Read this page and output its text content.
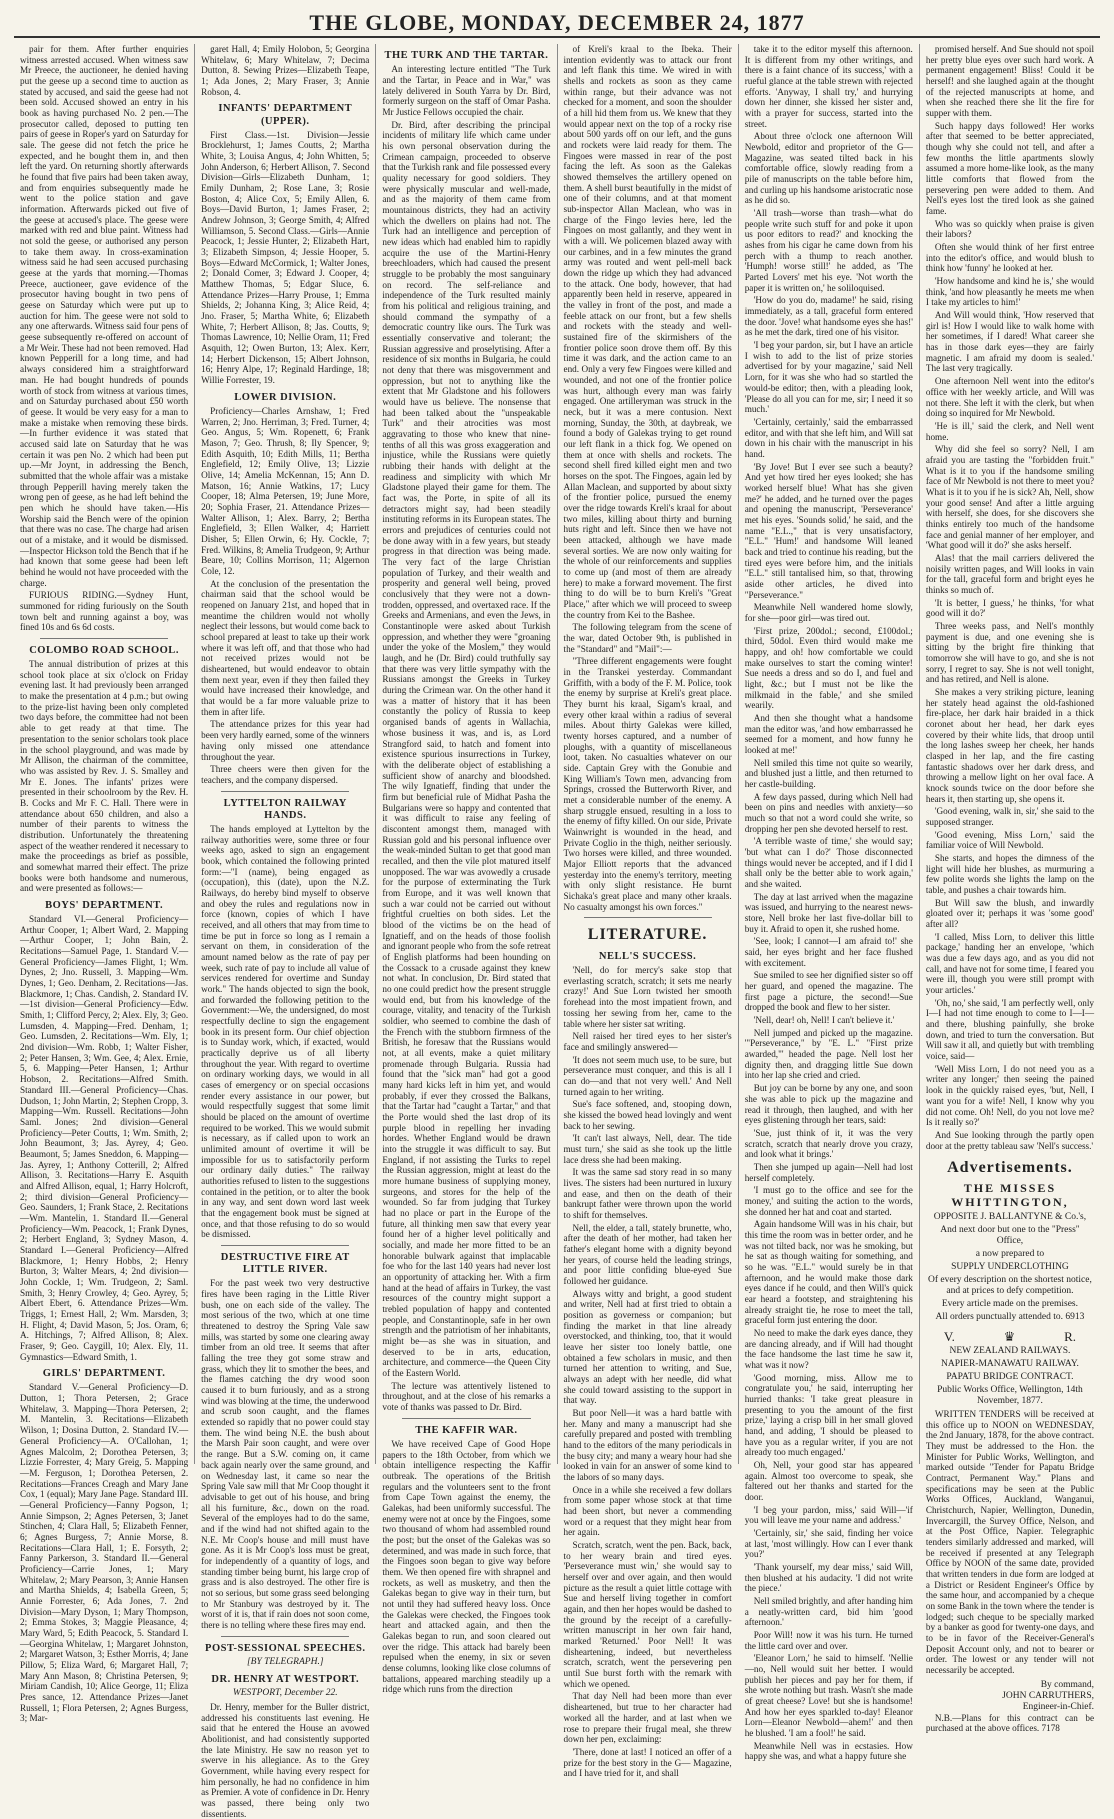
THE GLOBE, MONDAY, DECEMBER 24, 1877

pair for them. After further enquiries witness arrested accused. When witness saw Mr Preece, the auctioneer, he denied having put the geese up a second time to auction as stated by accused, and said the geese had not been sold. Accused showed an entry in his book as having purchased No. 2 pen.—The prosecutor called, deposed to putting ten pairs of geese in Roper's yard on Saturday for sale. The geese did not fetch the price he expected, and he bought them in, and then left the yard. On returning shortly afterwards he found that five pairs had been taken away, and from enquiries subsequently made he went to the police station and gave information. Afterwards picked out five of the geese at accused's place. The geese were marked with red and blue paint. Witness had not sold the geese, or authorised any person to take them away. In cross-examination witness said he had seen accused purchasing geese at the yards that morning.—Thomas Preece, auctioneer, gave evidence of the prosecutor having bought in two pens of geese on Saturday which were put up to auction for him. The geese were not sold to any one afterwards. Witness said four pens of geese subsequently re-offered on account of a Mr Weir. These had not been removed. Had known Pepperill for a long time, and had always considered him a straightforward man. He had bought hundreds of pounds worth of stock from witness at various times, and on Saturday purchased about £50 worth of geese. It would be very easy for a man to make a mistake when removing these birds.—In further evidence it was stated that accused said late on Saturday that he was certain it was pen No. 2 which had been put up.—Mr Joynt, in addressing the Bench, submitted that the whole affair was a mistake through Pepperill having merely taken the wrong pen of geese, as he had left behind the pen which he should have taken.—His Worship said the Bench were of the opinion that there was no case. The charge had arisen out of a mistake, and it would be dismissed.—Inspector Hickson told the Bench that if he had known that some geese had been left behind he would not have proceeded with the charge.

FURIOUS RIDING.—Sydney Hunt, summoned for riding furiously on the South town belt and running against a boy, was fined 10s and 6s 6d costs.

COLOMBO ROAD SCHOOL.

The annual distribution of prizes at this school took place at six o'clock on Friday evening last. It had previously been arranged to make the presentation at 4 p.m.; but owing to the prize-list having been only completed two days before, the committee had not been able to get ready at that time. The presentation to the senior scholars took place in the school playground, and was made by Mr Allison, the chairman of the committee, who was assisted by Rev. J. S. Smalley and Mr E. Jones. The infants' prizes were presented in their schoolroom by the Rev. H. B. Cocks and Mr F. C. Hall. There were in attendance about 650 children, and also a number of their parents to witness the distribution. Unfortunately the threatening aspect of the weather rendered it necessary to make the proceedings as brief as possible, and somewhat marred their effect. The prize books were both handsome and numerous, and were presented as follows:—

BOYS' DEPARTMENT.

Standard VI.—General Proficiency—Arthur Cooper, 1; Albert Ward, 2. Mapping—Arthur Cooper, 1; John Bain, 2. Recitations—Samuel Page, 1. Standard V.—General Proficiency—James Flight, 1; Wm. Dynes, 2; Jno. Russell, 3. Mapping—Wm. Dynes, 1; Geo. Denham, 2. Recitations—Jas. Blackmore, 1; Chas. Candish, 2. Standard IV.—1st division—General Proficiency—Edw. Smith, 1; Clifford Percy, 2; Alex. Ely, 3; Geo. Lumsden, 4. Mapping—Fred. Denham, 1; Geo. Lumsden, 2. Recitations—Wm. Ely, 1; 2nd division—Wm. Robb, 1; Walter Fisher, 2; Peter Hansen, 3; Wm. Gee, 4; Alex. Ernie, 5, 6. Mapping—Peter Hansen, 1; Arthur Hobson, 2. Recitations—Alfred Smith. Standard III.—General Proficiency—Chas. Dudson, 1; John Martin, 2; Stephen Cropp, 3. Mapping—Wm. Russell. Recitations—John Saml. Jones; 2nd division—General Proficiency—Peter Coutts, 1; Wm. Smith, 2; John Beaumont, 3; Jas. Ayrey, 4; Geo. Beaumont, 5; James Sneddon, 6. Mapping—Jas. Ayrey, 1; Anthony Cotterill, 2; Alfred Allison, 3. Recitations—Harry E. Asquith and Alfred Allison, equal, 1; Harry Holcroft, 2; third division—General Proficiency—Geo. Saunders, 1; Frank Stace, 2. Recitations—Wm. Mantelin, 1. Standard II.—General Proficiency—Wm. Peacock, 1; Frank Dynes, 2; Herbert England, 3; Sydney Mason, 4. Standard I.—General Proficiency—Alfred Blackmore, 1; Henry Hobbs, 2; Henry Burton, 3; Walter Mears, 4; 2nd division—John Cockle, 1; Wm. Trudgeon, 2; Saml. Smith, 3; Henry Crowley, 4; Geo. Ayrey, 5; Albert Ebert, 6. Attendance Prizes—Wm. Triggs, 1; Ernest Hall, 2; Wm. Marsden, 3; H. Flight, 4; David Mason, 5; Jos. Oram, 6; A. Hitchings, 7; Alfred Allison, 8; Alex. Fraser, 9; Geo. Caygill, 10; Alex. Ely, 11. Gymnastics—Edward Smith, 1.

GIRLS' DEPARTMENT.

Standard V.—General Proficiency—D. Dutton, 1; Thora Petersen, 2; Grace Whitelaw, 3. Mapping—Thora Petersen, 2; M. Mantelin, 3. Recitations—Elizabeth Wilson, 1; Dosina Dutton, 2. Standard IV.—General Proficiency—A. O'Callohan, 1; Agnes Malcolm, 2; Dorothea Petersen, 3; Lizzie Forrester, 4; Mary Greig, 5. Mapping—M. Ferguson, 1; Dorothea Petersen, 2. Recitations—Frances Creagh and Mary Jane Cox, 1 (equal); Mary Jane Page. Standard III.—General Proficiency—Fanny Pogson, 1; Annie Simpson, 2; Agnes Petersen, 3; Janet Stinchen, 4; Clara Hall, 5; Elizabeth Fenner, 6; Agnes Burgess, 7; Annie Morse, 8. Recitations—Clara Hall, 1; E. Forsyth, 2; Fanny Parkerson, 3. Standard II.—General Proficiency—Carrie Jones, 1; Mary Whitelaw, 2; Mary Pearson, 3; Annie Hansen and Martha Shields, 4; Isabella Green, 5; Annie Forrester, 6; Ada Jones, 7. 2nd Division—Mary Dyson, 1; Mary Thompson, 2; Emma Stokes, 3; Maggie Pleasance, 4; Mary Ward, 5; Edith Peacock, 5. Standard I.—Georgina Whitelaw, 1; Margaret Johnston, 2; Margaret Watson, 3; Esther Morris, 4; Jane Pillow, 5; Eliza Ward, 6; Margaret Hall, 7; Mary Ann Mason, 8; Christina Petersen, 9; Miriam Candish, 10; Alice George, 11; Eliza Pres sance, 12. Attendance Prizes—Janet Russell, 1; Flora Petersen, 2; Agnes Burgess, 3; Mar-

garet Hall, 4; Emily Holobon, 5; Georgina Whitelaw, 6; Mary Whitelaw, 7; Decima Dutton, 8. Sewing Prizes—Elizabeth Teape, 1; Ada Jones, 2; Mary Fraser, 3; Annie Robson, 4.

INFANTS' DEPARTMENT (UPPER).

First Class.—1st. Division—Jessie Brocklehurst, 1; James Coutts, 2; Martha White, 3; Louisa Angus, 4; John Whitten, 5; John Anderson, 6; Herbert Allison, 7. Second Division—Girls—Elizabeth Dunham, 1; Emily Dunham, 2; Rose Lane, 3; Rosie Boston, 4; Alice Cox, 5; Emily Allen, 6. Boys—David Burton, 1; James Fraser, 2; Andrew Johnson, 3; George Smith, 4; Alfred Williamson, 5. Second Class.—Girls—Annie Peacock, 1; Jessie Hunter, 2; Elizabeth Hart, 3; Elizabeth Simpson, 4; Jessie Hooper, 5. Boys—Edward McCormick, 1; Walter Jones, 2; Donald Comer, 3; Edward J. Cooper, 4; Matthew Thomas, 5; Edgar Sluce, 6. Attendance Prizes—Harry Prouse, 1; Emma Shields, 2; Johanna King, 3; Alice Reid, 4; Jno. Fraser, 5; Martha White, 6; Elizabeth White, 7; Herbert Allison, 8; Jas. Coutts, 9; Thomas Lawrence, 10; Nellie Oram, 11; Fred Asquith, 12; Owen Burton, 13; Alex. Kerr, 14; Herbert Dickenson, 15; Albert Johnson, 16; Henry Alpe, 17; Reginald Hardinge, 18; Willie Forrester, 19.

LOWER DIVISION.

Proficiency—Charles Arnshaw, 1; Fred Warren, 2; Jno. Herriman, 3; Fred. Turner, 4; Geo. Angus, 5; Wm. Ropenett, 6; Frank Mason, 7; Geo. Thrush, 8; Ily Spencer, 9; Edith Asquith, 10; Edith Mills, 11; Bertha Englefield, 12; Emily Olive, 13; Lizzie Olive, 14; Amelia McKennan, 15; Ann D. Matson, 16; Annie Watkins, 17; Lucy Cooper, 18; Alma Petersen, 19; June More, 20; Sophia Fraser, 21. Attendance Prizes—Walter Allison, 1; Alex. Barry, 2; Bertha Englefield, 3; Ellen Walker, 4; Harriett Disher, 5; Ellen Orwin, 6; Hy. Cockle, 7; Fred. Wilkins, 8; Amelia Trudgeon, 9; Arthur Beare, 10; Collins Morrison, 11; Algernon Cole, 12.

At the conclusion of the presentation the chairman said that the school would be reopened on January 21st, and hoped that in meantime the children would not wholly neglect their lessons, but would come back to school prepared at least to take up their work where it was left off, and that those who had not received prizes would not be disheartened, but would endeavor to obtain them next year, even if they then failed they would have increased their knowledge, and that would be a far more valuable prize to them in after life.

The attendance prizes for this year had been very hardly earned, some of the winners having only missed one attendance throughout the year.

Three cheers were then given for the teachers, and the company dispersed.

LYTTELTON RAILWAY HANDS.

The hands employed at Lyttelton by the railway authorities were, some three or four weeks ago, asked to sign an engagement book, which contained the following printed form:—"I (name), being engaged as (occupation), this (date), upon the N.Z. Railways, do hereby bind myself to observe and obey the rules and regulations now in force (known, copies of which I have received, and all others that may from time to time be put in force so long as I remain a servant on them, in consideration of the amount named below as the rate of pay per week, such rate of pay to include all value of services rendered for overtime and Sunday work." The hands objected to sign the book, and forwarded the following petition to the Government:—We, the undersigned, do most respectfully decline to sign the engagement book in its present form. Our chief objection is to Sunday work, which, if exacted, would practically deprive us of all liberty throughout the year. With regard to overtime on ordinary working days, we would in all cases of emergency or on special occasions render every assistance in our power, but would respectfully suggest that some limit should be placed on the amount of overtime required to be worked. This we would submit is necessary, as if called upon to work an unlimited amount of overtime it will be impossible for us to satisfactorily perform our ordinary daily duties." The railway authorities refused to listen to the suggestions contained in the petition, or to alter the book in any way, and sent down word last week that the engagement book must be signed at once, and that those refusing to do so would be dismissed.

DESTRUCTIVE FIRE AT LITTLE RIVER.

For the past week two very destructive fires have been raging in the Little River bush, one on each side of the valley. The most serious of the two, which at one time threatened to destroy the Spring Vale saw mills, was started by some one clearing away timber from an old tree. It seems that after falling the tree they got some straw and grass, which they lit to smother the bees, and the flames catching the dry wood soon caused it to burn furiously, and as a strong wind was blowing at the time, the underwood and scrub soon caught, and the flames extended so rapidly that no power could stay them. The wind being N.E. the bush about the Marsh Pair soon caught, and were over the range. But a S.W. coming on, it came back again nearly over the same ground, and on Wednesday last, it came so near the Spring Vale saw mill that Mr Coop thought it advisable to get out of his house, and bring all his furniture, &c., down on the road. Several of the employes had to do the same, and if the wind had not shifted again to the N.E. Mr Coop's house and mill must have gone. As it is Mr Coop's loss must be great, for independently of a quantity of logs, and standing timber being burnt, his large crop of grass and is also destroyed. The other fire is not so serious, but some grass seed belonging to Mr Stanbury was destroyed by it. The worst of it is, that if rain does not soon come, there is no telling where these fires may end.

POST-SESSIONAL SPEECHES.
[BY TELEGRAPH.]
DR. HENRY AT WESTPORT.
WESTPORT, December 22.

Dr. Henry, member for the Buller district, addressed his constituents last evening. He said that he entered the House an avowed Abolitionist, and had consistently supported the late Ministry. He saw no reason yet to swerve in his allegiance. As to the Grey Government, while having every respect for him personally, he had no confidence in him as Premier. A vote of confidence in Dr. Henry was passed, there being only two dissentients.

THE TURK AND THE TARTAR.

An interesting lecture entitled "The Turk and the Tartar, in Peace and in War," was lately delivered in South Yarra by Dr. Bird, formerly surgeon on the staff of Omar Pasha. Mr Justice Fellows occupied the chair.

Dr. Bird, after describing the principal incidents of military life which came under his own personal observation during the Crimean campaign, proceeded to observe that the Turkish rank and file possessed every quality necessary for good soldiers. They were physically muscular and well-made, and as the majority of them came from mountainous districts, they had an activity which the dwellers on plains had not. The Turk had an intelligence and perception of new ideas which had enabled him to rapidly acquire the use of the Martini-Henry breechloaders, which had caused the present struggle to be probably the most sanguinary on record. The self-reliance and independence of the Turk resulted mainly from his political and religious training, and should command the sympathy of a democratic country like ours. The Turk was essentially conservative and tolerant; the Russian aggressive and proselytising. After a residence of six months in Bulgaria, he could not deny that there was misgovernment and oppression, but not to anything like the extent that Mr Gladstone and his followers would have us believe. The nonsense that had been talked about the "unspeakable Turk" and their atrocities was most aggravating to those who knew that nine-tenths of all this was gross exaggeration and injustice, while the Russians were quietly rubbing their hands with delight at the readiness and simplicity with which Mr Gladstone played their game for them. The fact was, the Porte, in spite of all its detractors might say, had been steadily instituting reforms in its European states. The errors and prejudices of centuries could not be done away with in a few years, but steady progress in that direction was being made. The very fact of the large Christian population of Turkey, and their wealth and prosperity and general well being, proved conclusively that they were not a down-trodden, oppressed, and overtaxed race. If the Greeks and Armenians, and even the Jews, in Constantinople were asked about Turkish oppression, and whether they were "groaning under the yoke of the Moslem," they would laugh, and he (Dr. Bird) could truthfully say that there was very little sympathy with the Russians amongst the Greeks in Turkey during the Crimean war. On the other hand it was a matter of history that it has been constantly the policy of Russia to keep organised bands of agents in Wallachia, whose business it was, and is, as Lord Strangford said, to hatch and foment into existence spurious insurrections in Turkey, with the deliberate object of establishing a sufficient show of anarchy and bloodshed. The wily Ignatieff, finding that under the firm but beneficial rule of Midhat Pasha the Bulgarians were so happy and contented that it was difficult to raise any feeling of discontent amongst them, managed with Russian gold and his personal influence over the weak-minded Sultan to get that good man recalled, and then the vile plot matured itself unopposed. The war was avowedly a crusade for the purpose of exterminating the Turk from Europe, and it was well known that such a war could not be carried out without frightful cruelties on both sides. Let the blood of the victims be on the head of Ignatieff, and on the heads of those foolish and ignorant people who from the sofe retreat of English platforms had been hounding on the Cossack to a crusade against they knew not what. In conclusion, Dr. Bird stated that no one could predict how the present struggle would end, but from his knowledge of the courage, vitality, and tenacity of the Turkish soldier, who seemed to combine the dash of the French with the stubborn firmness of the British, he foresaw that the Russians would not, at all events, make a quiet military promenade through Bulgaria. Russia had found that the "sick man" had got a good many hard kicks left in him yet, and would probably, if ever they crossed the Balkans, that the Tartar had "caught a Tartar," and that the Porte would shed the last drop of its purple blood in repelling her invading hordes. Whether England would be drawn into the struggle it was difficult to say. But England, if not assisting the Turks to repel the Russian aggression, might at least do the more humane business of supplying money, surgeons, and stores for the help of the wounded. So far from judging that Turkey had no place or part in the Europe of the future, all thinking men saw that every year found her of a higher level politically and socially, and made her more fitted to be an honorable bulwark against that implacable foe who for the last 140 years had never lost an opportunity of attacking her. With a firm hand at the head of affairs in Turkey, the vast resources of the country might support a trebled population of happy and contented people, and Constantinople, safe in her own strength and the patriotism of her inhabitants, might be—as she was in situation, and deserved to be in arts, education, architecture, and commerce—the Queen City of the Eastern World.

The lecture was attentively listened to throughout, and at the close of his remarks a vote of thanks was passed to Dr. Bird.

THE KAFFIR WAR.

We have received Cape of Good Hope papers to the 18th October, from which we obtain intelligence respecting the Kaffir outbreak. The operations of the British regulars and the volunteers sent to the front from Cape Town against the enemy, the Galekas, had been uniformly successful. The enemy were not at once by the Fingoes, some two thousand of whom had assembled round the post; but the onset of the Galekas was so determined, and was made in such force, that the Fingoes soon began to give way before them. We then opened fire with shrapnel and rockets, as well as musketry, and then the Galekas began to give way in their turn, but not until they had suffered heavy loss. Once the Galekas were checked, the Fingoes took heart and attacked again, and then the Galekas began to run, and soon cleared out over the ridge. This attack had barely been repulsed when the enemy, in six or seven dense columns, looking like close columns of battalions, appeared marching steadily up a ridge which runs from the direction

of Kreli's kraal to the Ibeka. Their intention evidently was to attack our front and left flank this time. We wired in with shells and rockets as soon as they came within range, but their advance was not checked for a moment, and soon the shoulder of a hill hid them from us. We knew that they would appear next on the top of a rocky rise about 500 yards off on our left, and the guns and rockets were laid ready for them. The Fingoes were massed in rear of the post facing the left. As soon as the Galekas showed themselves the artillery opened on them. A shell burst beautifully in the midst of one of their columns, and at that moment sub-inspector Allan Maclean, who was in charge of the Fingo levies here, led the Fingoes on most gallantly, and they went in with a will. We policemen blazed away with our carbines, and in a few minutes the grand army was routed and went pell-mell back down the ridge up which they had advanced to the attack. One body, however, that had apparently been held in reserve, appeared in the valley in front of the post, and made a feeble attack on our front, but a few shells and rockets with the steady and well-sustained fire of the skirmishers of the frontier police soon drove them off. By this time it was dark, and the action came to an end. Only a very few Fingoes were killed and wounded, and not one of the frontier police was hurt, although every man was fairly engaged. One artilleryman was struck in the neck, but it was a mere contusion. Next morning, Sunday, the 30th, at daybreak, we found a body of Galekas trying to get round our left flank in a thick fog. We opened on them at once with shells and rockets. The second shell fired killed eight men and two horses on the spot. The Fingoes, again led by Allan Maclean, and supported by about sixty of the frontier police, pursued the enemy over the ridge towards Kreli's kraal for about two miles, killing about thirty and burning huts right and left. Since then we have not been attacked, although we have made several sorties. We are now only waiting for the whole of our reinforcements and supplies to come up (and most of them are already here) to make a forward movement. The first thing to do will be to burn Kreli's "Great Place," after which we will proceed to sweep the country from Kei to the Bashee.

The following telegram from the scene of the war, dated October 9th, is published in the "Standard" and "Mail":—

"Three different engagements were fought in the Transkei yesterday. Commandant Griffith, with a body of the F. M. Police, took the enemy by surprise at Kreli's great place. They burnt his kraal, Sigam's kraal, and every other kraal within a radius of several miles. About thirty Galekas were killed, twenty horses captured, and a number of ploughs, with a quantity of miscellaneous loot, taken. No casualties whatever on our side. Captain Grey with the Gonubie and King William's Town men, advancing from Springs, crossed the Butterworth River, and met a considerable number of the enemy. A sharp struggle ensued, resulting in a loss to the enemy of fifty killed. On our side, Private Wainwright is wounded in the head, and Private Coglio in the thigh, neither seriously. Two horses were killed, and three wounded. Major Elliott reports that the advanced yesterday into the enemy's territory, meeting with only slight resistance. He burnt Sichaka's great place and many other kraals. No casualty amongst his own forces."

LITERATURE.
NELL'S SUCCESS.

'Nell, do for mercy's sake stop that everlasting scratch, scratch; it sets me nearly crazy!' And Sue Lorn twisted her smooth forehead into the most impatient frown, and tossing her sewing from her, came to the table where her sister sat writing.

Nell raised her tired eyes to her sister's face and smilingly answered—

'It does not seem much use, to be sure, but perseverance must conquer, and this is all I can do—and that not very well.' And Nell turned again to her writing.

Sue's face softened, and, stooping down, she kissed the bowed head lovingly and went back to her sewing.

'It can't last always, Nell, dear. The tide must turn,' she said as she took up the little lace dress she had been making.

It was the same sad story read in so many lives. The sisters had been nurtured in luxury and ease, and then on the death of their bankrupt father were thrown upon the world to shift for themselves.

Nell, the elder, a tall, stately brunette, who, after the death of her mother, had taken her father's elegant home with a dignity beyond her years, of course held the leading strings, and poor little confiding blue-eyed Sue followed her guidance.

Always witty and bright, a good student and writer, Nell had at first tried to obtain a position as governess or companion; but finding the market in that line already overstocked, and thinking, too, that it would leave her sister too lonely battle, one obtained a few scholars in music, and then turned her attention to writing, and Sue, always an adept with her needle, did what she could toward assisting to the support in that way.

But poor Nell—it was a hard battle with her. Many and many a manuscript had she carefully prepared and posted with trembling hand to the editors of the many periodicals in the busy city; and many a weary hour had she looked in vain for an answer of some kind to the labors of so many days.

Once in a while she received a few dollars from some paper whose stock at that time had been short, but never a commending word or a request that they might hear from her again.

Scratch, scratch, went the pen. Back, back, to her weary brain and tired eyes. 'Perseverance must win,' she would say to herself over and over again, and then would picture as the result a quiet little cottage with Sue and herself living together in comfort again, and then her hopes would be dashed to the ground by the receipt of a carefully-written manuscript in her own fair hand, marked 'Returned.' Poor Nell! It was disheartening, indeed, but nevertheless scratch, scratch, went the persevering pen until Sue burst forth with the remark with which we opened.

That day Nell had been more than ever disheartened, but true to her character had worked all the harder, and at last when we rose to prepare their frugal meal, she threw down her pen, exclaiming:

'There, done at last! I noticed an offer of a prize for the best story in the G— Magazine, and I have tried for it, and shall

take it to the editor myself this afternoon. It is different from my other writings, and there is a faint chance of its success,' with a rueful glance at the table strewn with rejected efforts. 'Anyway, I shall try,' and hurrying down her dinner, she kissed her sister and, with a prayer for success, started into the street.

About three o'clock one afternoon Will Newbold, editor and proprietor of the G— Magazine, was seated tilted back in his comfortable office, slowly reading from a pile of manuscripts on the table before him, and curling up his handsome aristocratic nose as he did so.

'All trash—worse than trash—what do people write such stuff for and poke it upon us poor editors to read?' and knocking the ashes from his cigar he came down from his perch with a thump to reach another. 'Humph! worse still!' he added, as 'The Parted Lovers' met his eye. 'Not worth the paper it is written on,' he soliloquised.

'How do you do, madame!' he said, rising immediately, as a tall, graceful form entered the door. 'Jove! what handsome eyes she has!' as he met the dark, tired one of his visitor.

'I beg your pardon, sir, but I have an article I wish to add to the list of prize stories advertised for by your magazine,' said Nell Lorn, for it was she who had so startled the would-be editor; then, with a pleading look, 'Please do all you can for me, sir; I need it so much.'

'Certainly, certainly,' said the embarrassed editor, and with that she left him, and Will sat down in his chair with the manuscript in his hand.

'By Jove! But I ever see such a beauty? And yet how tired her eyes looked; she has worked herself blue! What has she given me?' he added, and he turned over the pages and opening the manuscript, 'Perseverance' met his eyes. 'Sounds solid,' he said, and the name "E.L.," that is very unsatisfactory, "E.L." 'Hum!' and handsome Will leaned back and tried to continue his reading, but the tired eyes were before him, and the initials "E.L." still tantalised him, so that, throwing aside other articles, he dived into "Perseverance."

Meanwhile Nell wandered home slowly, for she—poor girl—was tired out.

'First prize, 200dol.; second, £100dol.; third, 50dol. Even third would make me happy, and oh! how comfortable we could make ourselves to start the coming winter! Sue needs a dress and so do I, and fuel and light, &c.; but I must not be like the milkmaid in the fable,' and she smiled wearily.

And then she thought what a handsome man the editor was, 'and how embarrassed he seemed for a moment, and how funny he looked at me!'

Nell smiled this time not quite so wearily, and blushed just a little, and then returned to her castle-building.

A few days passed, during which Nell had been on pins and needles with anxiety—so much so that not a word could she write, so dropping her pen she devoted herself to rest.

'A terrible waste of time,' she would say; 'but what can I do?' Those disconnected things would never be accepted, and if I did I shall only be the better able to work again,' and she waited.

The day at last arrived when the magazine was issued, and hurrying to the nearest news-store, Nell broke her last five-dollar bill to buy it. Afraid to open it, she rushed home.

'See, look; I cannot—I am afraid to!' she said, her eyes bright and her face flushed with excitement.

Sue smiled to see her dignified sister so off her guard, and opened the magazine. The first page a picture, the second!—Sue dropped the book and flew to her sister.

'Nell, dear! oh, Nell! I can't believe it.'

Nell jumped and picked up the magazine. '"Perseverance," by "E. L." "First prize awarded,"' headed the page. Nell lost her dignity then, and dragging little Sue down into her lap she cried and cried.

But joy can be borne by any one, and soon she was able to pick up the magazine and read it through, then laughed, and with her eyes glistening through her tears, said:

'Sue, just think of it, it was the very scratch, scratch that nearly drove you crazy, and look what it brings.'

Then she jumped up again—Nell had lost herself completely.

'I must go to the office and see for the money,' and suiting the action to the words, she donned her hat and coat and started.

Again handsome Will was in his chair, but this time the room was in better order, and he was not tilted back, nor was he smoking, but he sat as though waiting for something, and so he was. "E.L." would surely be in that afternoon, and he would make those dark eyes dance if he could, and then Will's quick ear heard a footstep, and straightening his already straight tie, he rose to meet the tall, graceful form just entering the door.

No need to make the dark eyes dance, they are dancing already, and if Will had thought the face handsome the last time he saw it, what was it now?

'Good morning, miss. Allow me to congratulate you,' he said, interrupting her hurried thanks: 'I take great pleasure in presenting to you the amount of the first prize,' laying a crisp bill in her small gloved hand, and adding, 'I should be pleased to have you as a regular writer, if you are not already too much engaged.'

Oh, Nell, your good star has appeared again. Almost too overcome to speak, she faltered out her thanks and started for the door.

'I beg your pardon, miss,' said Will—'if you will leave me your name and address.'

'Certainly, sir,' she said, finding her voice at last, 'most willingly. How can I ever thank you?'

'Thank yourself, my dear miss,' said Will, then blushed at his audacity. 'I did not write the piece.'

Nell smiled brightly, and after handing him a neatly-written card, bid him 'good afternoon.'

Poor Will! now it was his turn. He turned the little card over and over.

'Eleanor Lorn,' he said to himself. 'Nellie—no, Nell would suit her better. I would publish her pieces and pay her for them, if she wrote nothing but trash. Wasn't she made of great cheese? Love! but she is handsome! And how her eyes sparkled to-day! Eleanor Lorn—Eleanor Newbold—ahem!' and then he blushed. 'I am a fool!' he said.

Meanwhile Nell was in ecstasies. How happy she was, and what a happy future she

promised herself. And Sue should not spoil her pretty blue eyes over such hard work. A permanent engagement! Bliss! Could it be herself! and she laughed again at the thought of the rejected manuscripts at home, and when she reached there she lit the fire for supper with them.

Such happy days followed! Her works after that seemed to be better appreciated, though why she could not tell, and after a few months the little apartments slowly assumed a more home-like look, as the many little comforts that flowed from the persevering pen were added to them. And Nell's eyes lost the tired look as she gained fame.

Who was so quickly when praise is given their labors?

Often she would think of her first entree into the editor's office, and would blush to think how 'funny' he looked at her.

'How handsome and kind he is,' she would think, 'and how pleasantly he meets me when I take my articles to him!'

And Will would think, 'How reserved that girl is! How I would like to walk home with her sometimes, if I dared! What career she has in those dark eyes—they are fairly magnetic. I am afraid my doom is sealed.' The last very tragically.

One afternoon Nell went into the editor's office with her weekly article, and Will was not there. She left it with the clerk, but when doing so inquired for Mr Newbold.

'He is ill,' said the clerk, and Nell went home.

Why did she feel so sorry? Nell, I am afraid you are tasting the "forbidden fruit." What is it to you if the handsome smiling face of Mr Newbold is not there to meet you? What is it to you if he is sick? Ah, Nell, show your good sense! And after a little arguing with herself, she does, for she discovers she thinks entirely too much of the handsome face and genial manner of her employer, and 'What good will it do?' she asks herself.

Alas! that the mail carriers delivered the noisily written pages, and Will looks in vain for the tall, graceful form and bright eyes he thinks so much of.

'It is better, I guess,' he thinks, 'for what good will it do?'

Three weeks pass, and Nell's monthly payment is due, and one evening she is sitting by the bright fire thinking that tomorrow she will have to go, and she is not sorry, I regret to say. She is not well tonight, and has retired, and Nell is alone.

She makes a very striking picture, leaning her stately head against the old-fashioned fire-place, her dark hair braided in a thick coronet about her head, her dark eyes covered by their white lids, that droop until the long lashes sweep her cheek, her hands clasped in her lap, and the fire casting fantastic shadows over her dark dress, and throwing a mellow light on her oval face. A knock sounds twice on the door before she hears it, then starting up, she opens it.

'Good evening, walk in, sir,' she said to the supposed stranger.

'Good evening, Miss Lorn,' said the familiar voice of Will Newbold.

She starts, and hopes the dimness of the light will hide her blushes, as murmuring a few polite words she lights the lamp on the table, and pushes a chair towards him.

But Will saw the blush, and inwardly gloated over it; perhaps it was 'some good' after all?

'I called, Miss Lorn, to deliver this little package,' handing her an envelope, 'which was due a few days ago, and as you did not call, and have not for some time, I feared you were ill, though you were still prompt with your articles.'

'Oh, no,' she said, 'I am perfectly well, only I—I had not time enough to come to I—I—and there, blushing painfully, she broke down, and tried to turn the conversation. But Will saw it all, and quietly but with trembling voice, said—

'Well Miss Lorn, I do not need you as a writer any longer;' then seeing the pained look in the quickly raised eyes, 'but, Nell, I want you for a wife! Nell, I know why you did not come. Oh! Nell, do you not love me? Is it really so?'

And Sue looking through the partly open door at the pretty tableau saw 'Nell's success.'

Advertisements.
THE MISSES WHITTINGTON,
OPPOSITE J. BALLANTYNE & Co.'s,
And next door but one to the "Press" Office,
a now prepared to
SUPPLY UNDERCLOTHING
Of every description on the shortest notice, and at prices to defy competition.
Every article made on the premises.
All orders punctually attended to. 6913
V.	♛	R.
NEW ZEALAND RAILWAYS.
NAPIER-MANAWATU RAILWAY.
PAPATU BRIDGE CONTRACT.
Public Works Office, Wellington, 14th November, 1877.

WRITTEN TENDERS will be received at this office up to NOON on WEDNESDAY, the 2nd January, 1878, for the above contract. They must be addressed to the Hon. the Minister for Public Works, Wellington, and marked outside "Tender for Papatu Bridge Contract, Permanent Way." Plans and specifications may be seen at the Public Works Offices, Auckland, Wanganui, Christchurch, Napier, Wellington, Dunedin, Invercargill, the Survey Office, Nelson, and at the Post Office, Napier. Telegraphic tenders similarly addressed and marked, will be received if presented at any Telegraph Office by NOON of the same date, provided that written tenders in due form are lodged at a District or Resident Engineer's Office by the same hour, and accompanied by a cheque on some Bank in the town where the tender is lodged; such cheque to be specially marked by a banker as good for twenty-one days, and to be in favor of the Receiver-General's Deposit Account only, and not to bearer or order. The lowest or any tender will not necessarily be accepted.

By command,
JOHN CARRUTHERS,
Engineer-in-Chief.

N.B.—Plans for this contract can be purchased at the above offices. 7178
